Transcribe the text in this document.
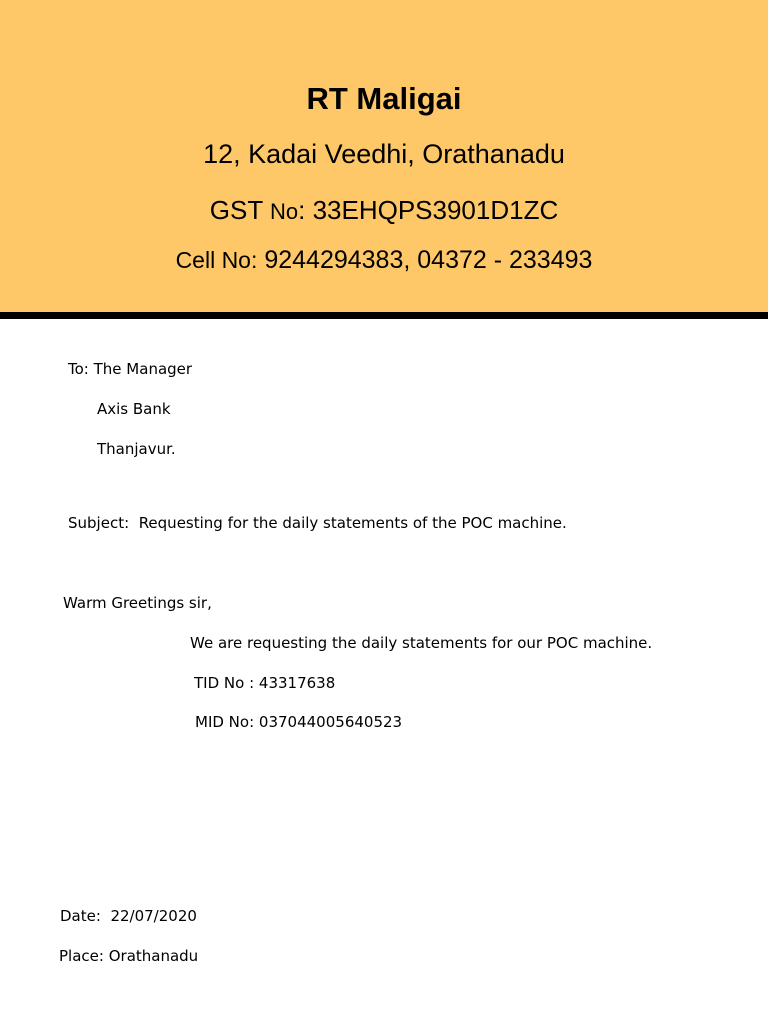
RT Maligai
12, Kadai Veedhi, Orathanadu
GST No: 33EHQPS3901D1ZC
Cell No: 9244294383, 04372 - 233493
To: The Manager
Axis Bank
Thanjavur.
Subject: Requesting for the daily statements of the POC machine.
Warm Greetings sir,
We are requesting the daily statements for our POC machine.
TID No : 43317638
MID No: 037044005640523
Date: 22/07/2020
Place: Orathanadu
